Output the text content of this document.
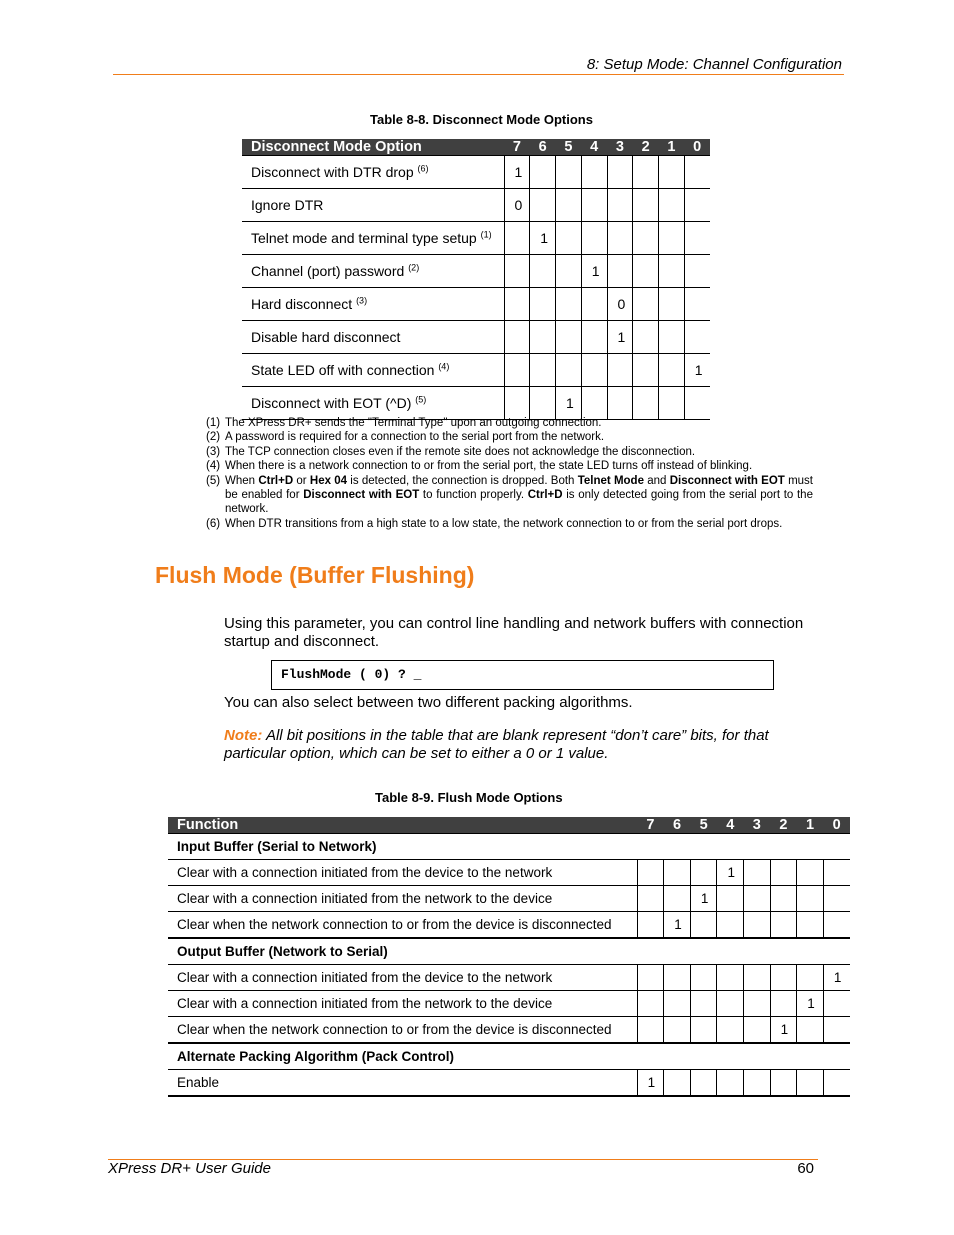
8: Setup Mode: Channel Configuration
Table 8-8. Disconnect Mode Options
Disconnect Mode Option	7	6	5	4	3	2	1	0
Disconnect with DTR drop $^{(6)}$	1							
Ignore DTR	0							
Telnet mode and terminal type setup $^{(1)}$		1						
Channel (port) password $^{(2)}$				1				
Hard disconnect $^{(3)}$					0			
Disable hard disconnect					1			
State LED off with connection $^{(4)}$								1
Disconnect with EOT (^D) $^{(5)}$			1					
(1) The XPress DR+ sends the "Terminal Type" upon an outgoing connection.
(2) A password is required for a connection to the serial port from the network.
(3) The TCP connection closes even if the remote site does not acknowledge the disconnection.
(4) When there is a network connection to or from the serial port, the state LED turns off instead of blinking.
(5) When Ctrl+D or Hex 04 is detected, the connection is dropped. Both Telnet Mode and Disconnect with EOT must be enabled for Disconnect with EOT to function properly. Ctrl+D is only detected going from the serial port to the network.
(6) When DTR transitions from a high state to a low state, the network connection to or from the serial port drops.
Flush Mode (Buffer Flushing)
Using this parameter, you can control line handling and network buffers with connection startup and disconnect.
FlushMode ( 0) ? _
You can also select between two different packing algorithms.
Note: All bit positions in the table that are blank represent “don’t care” bits, for that particular option, which can be set to either a 0 or 1 value.
Table 8-9. Flush Mode Options
Function	7	6	5	4	3	2	1	0
Input Buffer (Serial to Network)								
Clear with a connection initiated from the device to the network				1				
Clear with a connection initiated from the network to the device			1					
Clear when the network connection to or from the device is disconnected		1						
Output Buffer (Network to Serial)								
Clear with a connection initiated from the device to the network								1
Clear with a connection initiated from the network to the device							1	
Clear when the network connection to or from the device is disconnected						1		
Alternate Packing Algorithm (Pack Control)								
Enable	1							
XPress DR+ User Guide	60
